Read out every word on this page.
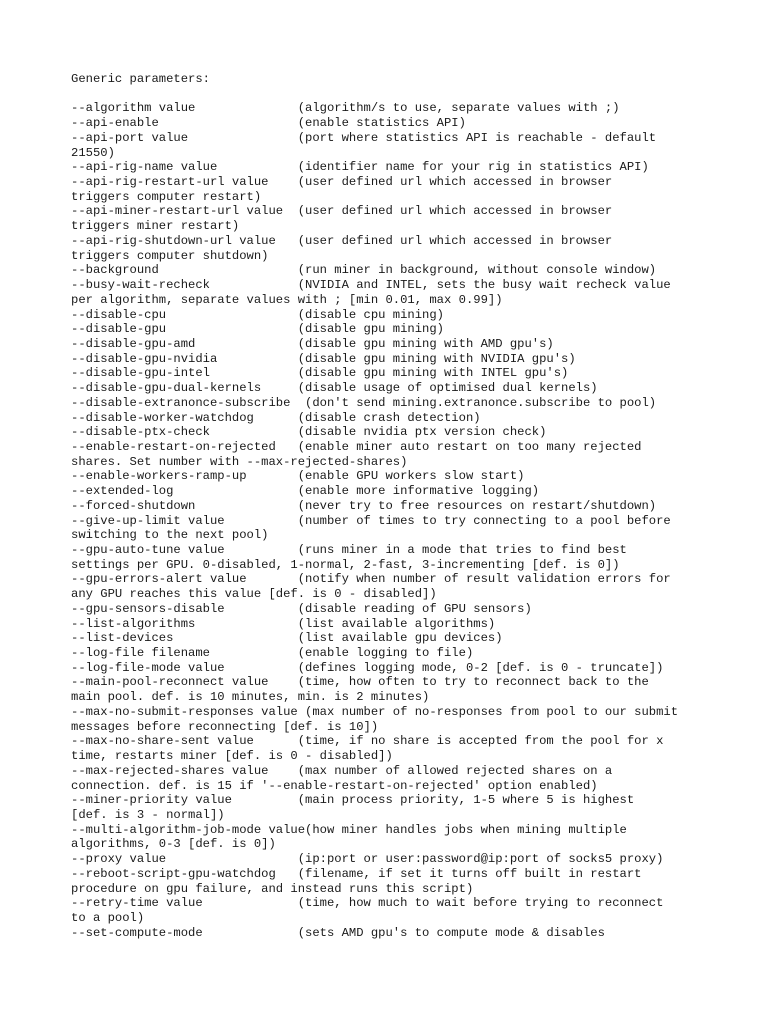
Generic parameters:
--algorithm value              (algorithm/s to use, separate values with ;)
--api-enable                   (enable statistics API)
--api-port value               (port where statistics API is reachable - default
21550)
--api-rig-name value           (identifier name for your rig in statistics API)
--api-rig-restart-url value    (user defined url which accessed in browser
triggers computer restart)
--api-miner-restart-url value  (user defined url which accessed in browser
triggers miner restart)
--api-rig-shutdown-url value   (user defined url which accessed in browser
triggers computer shutdown)
--background                   (run miner in background, without console window)
--busy-wait-recheck            (NVIDIA and INTEL, sets the busy wait recheck value
per algorithm, separate values with ; [min 0.01, max 0.99])
--disable-cpu                  (disable cpu mining)
--disable-gpu                  (disable gpu mining)
--disable-gpu-amd              (disable gpu mining with AMD gpu's)
--disable-gpu-nvidia           (disable gpu mining with NVIDIA gpu's)
--disable-gpu-intel            (disable gpu mining with INTEL gpu's)
--disable-gpu-dual-kernels     (disable usage of optimised dual kernels)
--disable-extranonce-subscribe  (don't send mining.extranonce.subscribe to pool)
--disable-worker-watchdog      (disable crash detection)
--disable-ptx-check            (disable nvidia ptx version check)
--enable-restart-on-rejected   (enable miner auto restart on too many rejected
shares. Set number with --max-rejected-shares)
--enable-workers-ramp-up       (enable GPU workers slow start)
--extended-log                 (enable more informative logging)
--forced-shutdown              (never try to free resources on restart/shutdown)
--give-up-limit value          (number of times to try connecting to a pool before
switching to the next pool)
--gpu-auto-tune value          (runs miner in a mode that tries to find best
settings per GPU. 0-disabled, 1-normal, 2-fast, 3-incrementing [def. is 0])
--gpu-errors-alert value       (notify when number of result validation errors for
any GPU reaches this value [def. is 0 - disabled])
--gpu-sensors-disable          (disable reading of GPU sensors)
--list-algorithms              (list available algorithms)
--list-devices                 (list available gpu devices)
--log-file filename            (enable logging to file)
--log-file-mode value          (defines logging mode, 0-2 [def. is 0 - truncate])
--main-pool-reconnect value    (time, how often to try to reconnect back to the
main pool. def. is 10 minutes, min. is 2 minutes)
--max-no-submit-responses value (max number of no-responses from pool to our submit
messages before reconnecting [def. is 10])
--max-no-share-sent value      (time, if no share is accepted from the pool for x
time, restarts miner [def. is 0 - disabled])
--max-rejected-shares value    (max number of allowed rejected shares on a
connection. def. is 15 if '--enable-restart-on-rejected' option enabled)
--miner-priority value         (main process priority, 1-5 where 5 is highest
[def. is 3 - normal])
--multi-algorithm-job-mode value(how miner handles jobs when mining multiple
algorithms, 0-3 [def. is 0])
--proxy value                  (ip:port or user:password@ip:port of socks5 proxy)
--reboot-script-gpu-watchdog   (filename, if set it turns off built in restart
procedure on gpu failure, and instead runs this script)
--retry-time value             (time, how much to wait before trying to reconnect
to a pool)
--set-compute-mode             (sets AMD gpu's to compute mode & disables
